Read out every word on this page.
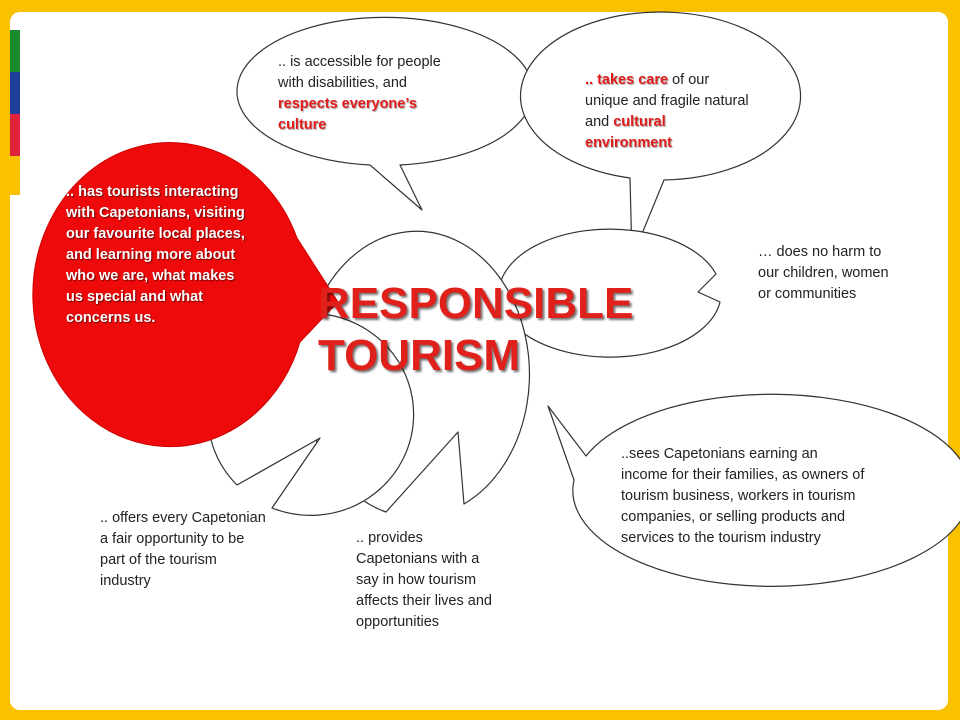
.. is accessible for people with disabilities, and respects everyone’s culture
.. takes care of our unique and fragile natural and cultural environment
… does no harm to our children, women or communities
..sees Capetonians earning an income for their families, as owners of tourism business, workers in tourism companies, or selling products and services to the tourism industry
.. provides Capetonians with a say in how tourism affects their lives and opportunities
.. offers every Capetonian a fair opportunity to be part of the tourism industry
.. has tourists interacting with Capetonians, visiting our favourite local places, and learning more about who we are, what makes us special and what concerns us.	RESPONSIBLE
TOURISM
